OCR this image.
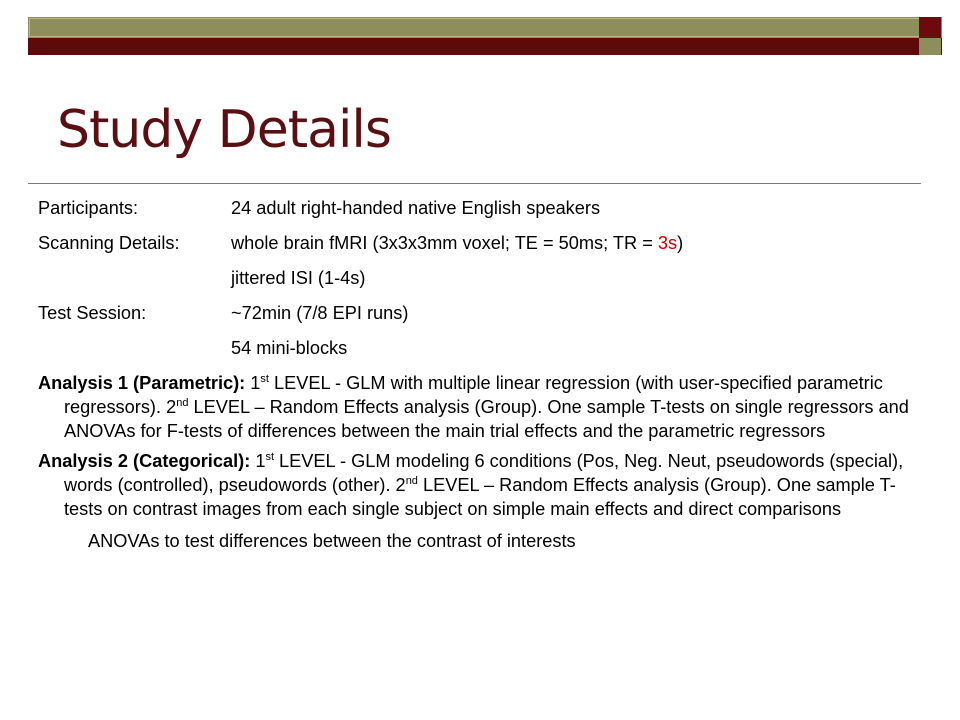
Study Details
Participants:	24 adult right-handed native English speakers
Scanning Details:	whole brain fMRI (3x3x3mm voxel; TE = 50ms; TR = 3s)
jittered ISI (1-4s)
Test Session:	~72min (7/8 EPI runs)
54 mini-blocks
Analysis 1 (Parametric): 1st LEVEL - GLM with multiple linear regression (with user-specified parametric regressors). 2nd LEVEL – Random Effects analysis (Group). One sample T-tests on single regressors and ANOVAs for F-tests of differences between the main trial effects and the parametric regressors
Analysis 2 (Categorical): 1st LEVEL - GLM modeling 6 conditions (Pos, Neg. Neut, pseudowords (special), words (controlled), pseudowords (other). 2nd LEVEL – Random Effects analysis (Group). One sample T-tests on contrast images from each single subject on simple main effects and direct comparisons
ANOVAs to test differences between the contrast of interests
